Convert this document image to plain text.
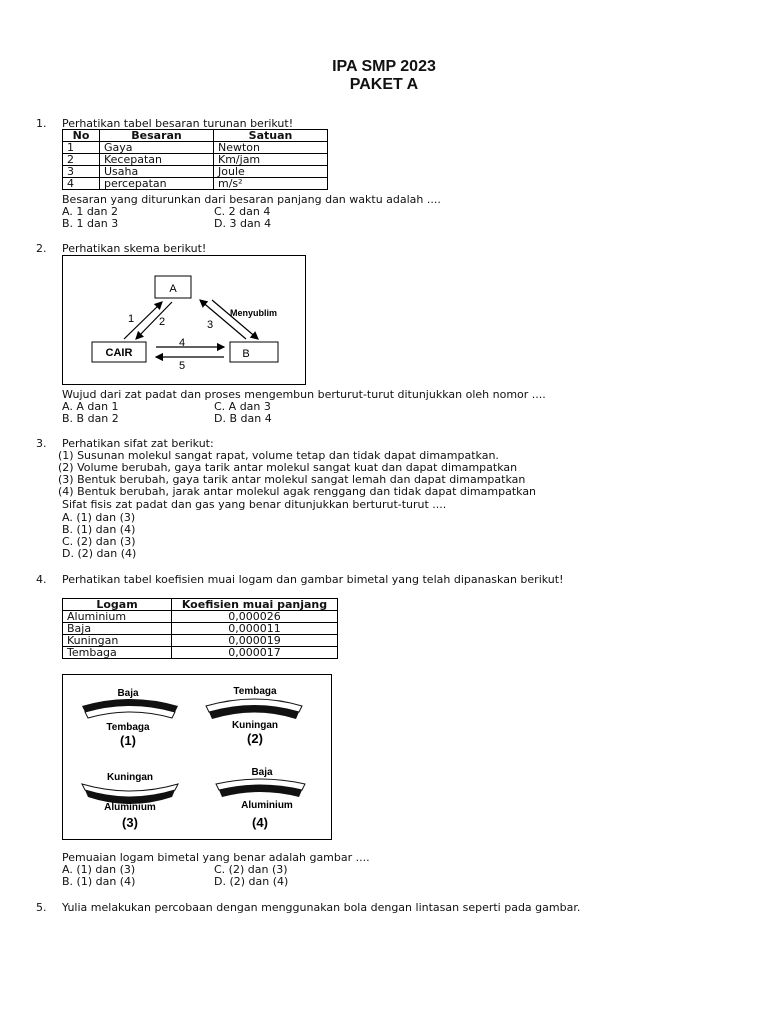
IPA SMP 2023
PAKET A
1. Perhatikan tabel besaran turunan berikut!
No	Besaran	Satuan
1	Gaya	Newton
2	Kecepatan	Km/jam
3	Usaha	Joule
4	percepatan	m/s²
Besaran yang diturunkan dari besaran panjang dan waktu adalah ....
A. 1 dan 2	C. 2 dan 4
B. 1 dan 3	D. 3 dan 4
2. Perhatikan skema berikut!
A
CAIR	B
1 2	3
4
5
Menyublim
Wujud dari zat padat dan proses mengembun berturut-turut ditunjukkan oleh nomor ....
A. A dan 1	C. A dan 3
B. B dan 2	D. B dan 4
3. Perhatikan sifat zat berikut:
(1) Susunan molekul sangat rapat, volume tetap dan tidak dapat dimampatkan.
(2) Volume berubah, gaya tarik antar molekul sangat kuat dan dapat dimampatkan
(3) Bentuk berubah, gaya tarik antar molekul sangat lemah dan dapat dimampatkan
(4) Bentuk berubah, jarak antar molekul agak renggang dan tidak dapat dimampatkan
Sifat fisis zat padat dan gas yang benar ditunjukkan berturut-turut ....
A. (1) dan (3)
B. (1) dan (4)
C. (2) dan (3)
D. (2) dan (4)
4. Perhatikan tabel koefisien muai logam dan gambar bimetal yang telah dipanaskan berikut!
Logam	Koefisien muai panjang
Aluminium	0,000026
Baja	0,000011
Kuningan	0,000019
Tembaga	0,000017
Baja
Tembaga
(1)
Tembaga
Kuningan
(2)
Kuningan
Aluminium
(3)
Baja
Aluminium
(4)
Pemuaian logam bimetal yang benar adalah gambar ....
A. (1) dan (3)	C. (2) dan (3)
B. (1) dan (4)	D. (2) dan (4)
5. Yulia melakukan percobaan dengan menggunakan bola dengan lintasan seperti pada gambar.
